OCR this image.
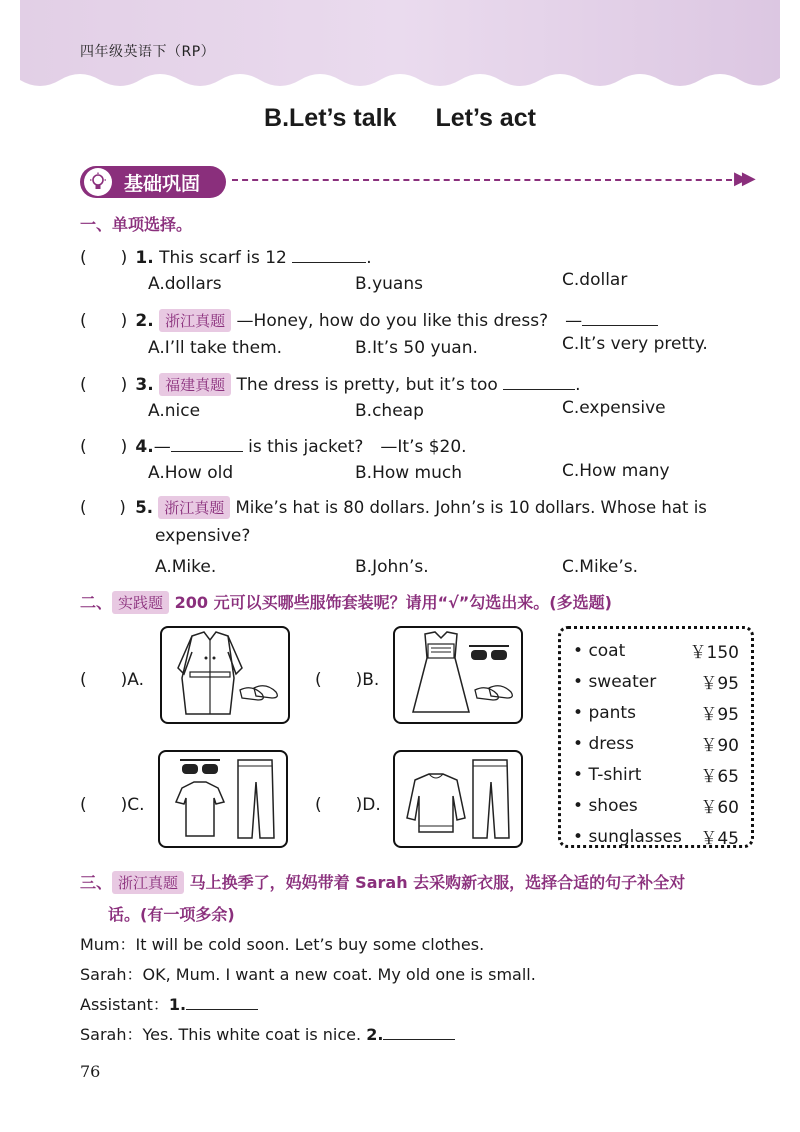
四年级英语下（RP）
B.Let’s talk Let’s act
基础巩固	▶▶
一、单项选择。
(　　) 1. This scarf is 12	.
A.dollars	B.yuans	C.dollar
(　　) 2. 浙江真题 —Honey, how do you like this dress?　—
A.I’ll take them.	B.It’s 50 yuan.	C.It’s very pretty.
(　　) 3. 福建真题 The dress is pretty, but it’s too	.
A.nice	B.cheap	C.expensive
(　　) 4.—	is this jacket?　—It’s $20.
A.How old	B.How much	C.How many
(　　) 5. 浙江真题 Mike’s hat is 80 dollars. John’s is 10 dollars. Whose hat is
expensive?
A.Mike.	B.John’s.	C.Mike’s.
二、 实践题 200 元可以买哪些服饰套装呢？请用“√”勾选出来。(多选题)
(　　)A.	(　　)B.
(　　)C.	(　　)D.
• coat	￥150
• sweater	￥95
• pants	￥95
• dress	￥90
• T-shirt	￥65
• shoes	￥60
• sunglasses ￥45
三、 浙江真题 马上换季了，妈妈带着 Sarah 去采购新衣服，选择合适的句子补全对
话。(有一项多余)
Mum：It will be cold soon. Let’s buy some clothes.
Sarah：OK, Mum. I want a new coat. My old one is small.
Assistant：1.
Sarah：Yes. This white coat is nice. 2.
76
